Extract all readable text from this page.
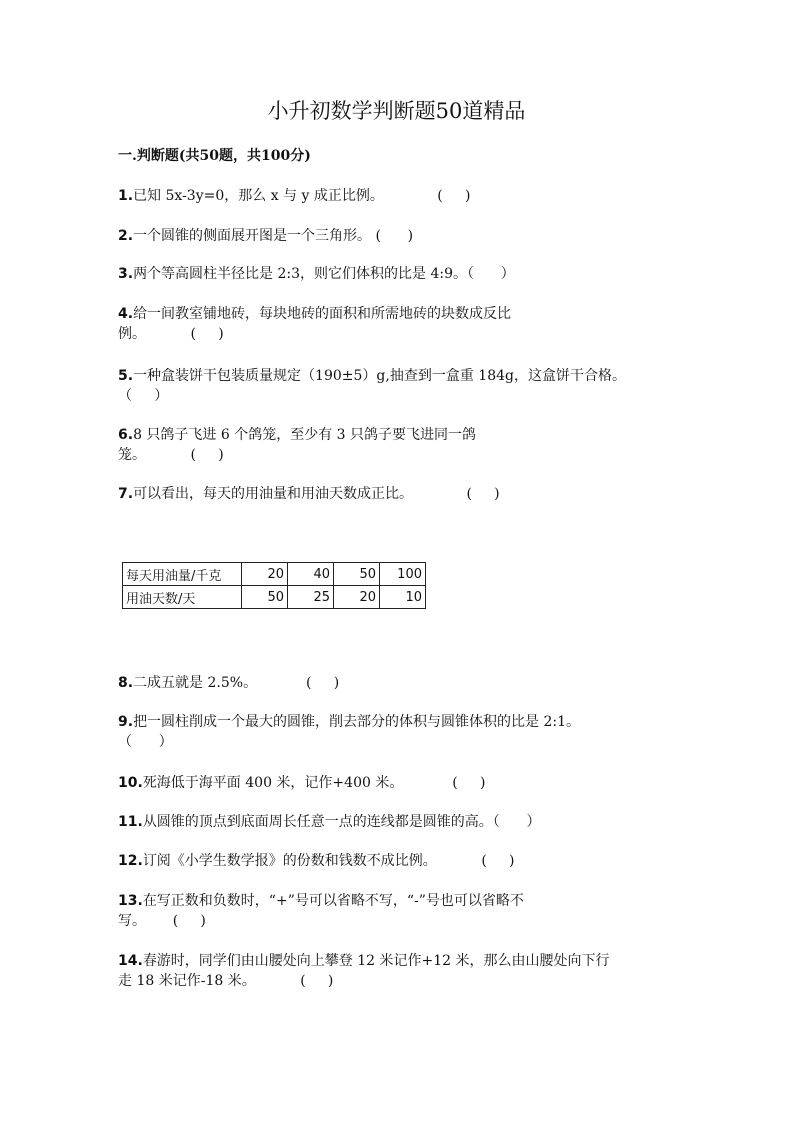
小升初数学判断题50道精品
一.判断题(共50题，共100分)
1.已知 5x-3y=0，那么 x 与 y 成正比例。            (     )
2.一个圆锥的侧面展开图是一个三角形。 (      )
3.两个等高圆柱半径比是 2:3，则它们体积的比是 4:9。（      ）
4.给一间教室铺地砖，每块地砖的面积和所需地砖的块数成反比
例。          (     )
5.一种盒装饼干包装质量规定（190±5）g,抽查到一盒重 184g，这盒饼干合格。
（     ）
6.8 只鸽子飞进 6 个鸽笼，至少有 3 只鸽子要飞进同一鸽
笼。          (     )
7.可以看出，每天的用油量和用油天数成正比。            (     )
每天用油量/千克	20	40	50	100
用油天数/天	50	25	20	10
8.二成五就是 2.5%。           (     )
9.把一圆柱削成一个最大的圆锥，削去部分的体积与圆锥体积的比是 2:1。
（      ）
10.死海低于海平面 400 米，记作+400 米。           (     )
11.从圆锥的顶点到底面周长任意一点的连线都是圆锥的高。（      ）
12.订阅《小学生数学报》的份数和钱数不成比例。          (     )
13.在写正数和负数时，“+”号可以省略不写，“-”号也可以省略不
写。      (     )
14.春游时，同学们由山腰处向上攀登 12 米记作+12 米，那么由山腰处向下行
走 18 米记作-18 米。          (     )
